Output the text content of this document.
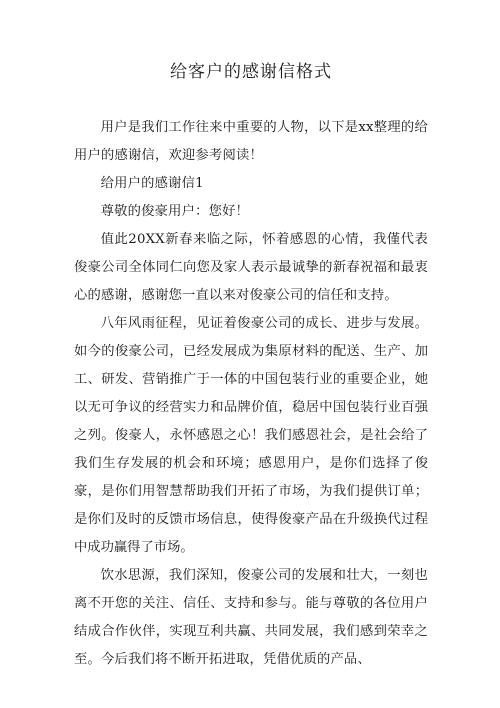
给客户的感谢信格式

用户是我们工作往来中重要的人物，以下是xx整理的给用户的感谢信，欢迎参考阅读！

给用户的感谢信1

尊敬的俊豪用户：您好！

值此20XX新春来临之际，怀着感恩的心情，我僅代表俊豪公司全体同仁向您及家人表示最诚挚的新春祝福和最衷心的感谢，感谢您一直以来对俊豪公司的信任和支持。

八年风雨征程，见证着俊豪公司的成长、进步与发展。如今的俊豪公司，已经发展成为集原材料的配送、生产、加工、研发、营销推广于一体的中国包装行业的重要企业，她以无可争议的经营实力和品牌价值，稳居中国包装行业百强之列。俊豪人，永怀感恩之心！我们感恩社会，是社会给了我们生存发展的机会和环境；感恩用户，是你们选择了俊豪，是你们用智慧帮助我们开拓了市场，为我们提供订单；是你们及时的反馈市场信息，使得俊豪产品在升级换代过程中成功赢得了市场。

饮水思源，我们深知，俊豪公司的发展和壮大，一刻也离不开您的关注、信任、支持和参与。能与尊敬的各位用户结成合作伙伴，实现互利共赢、共同发展，我们感到荣幸之至。今后我们将不断开拓进取，凭借优质的产品、
